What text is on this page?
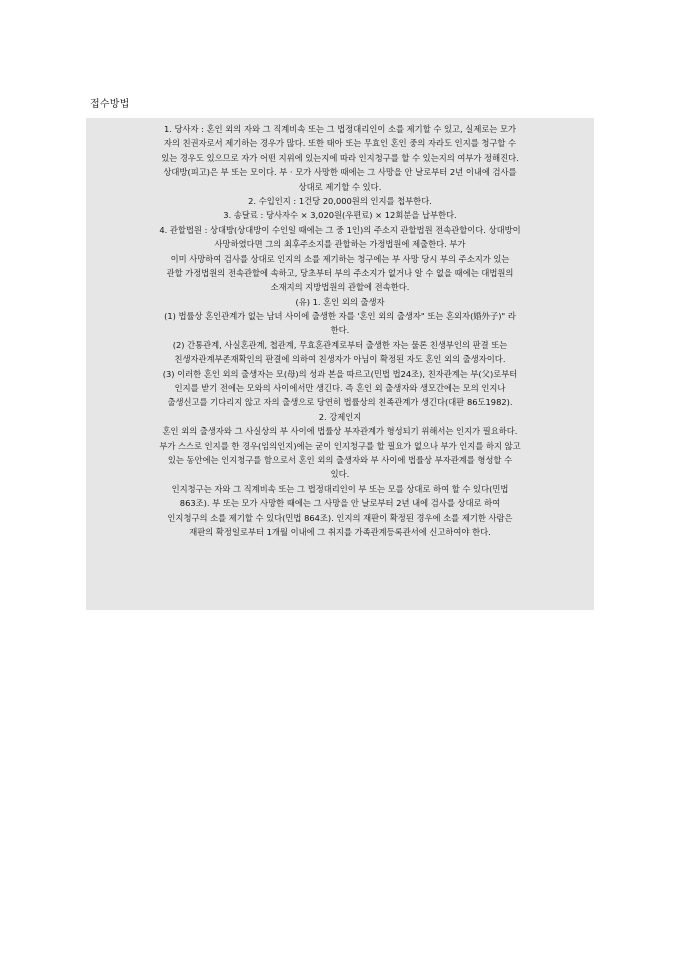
접수방법
1. 당사자 : 혼인 외의 자와 그 직계비속 또는 그 법정대리인이 소를 제기할 수 있고, 실제로는 모가
자의 친권자로서 제기하는 경우가 많다. 또한 태아 또는 무효인 혼인 중의 자라도 인지를 청구할 수
있는 경우도 있으므로 자가 어떤 지위에 있는지에 따라 인지청구를 할 수 있는지의 여부가 정해진다.
상대방(피고)은 부 또는 모이다. 부 · 모가 사망한 때에는 그 사망을 안 날로부터 2년 이내에 검사를
상대로 제기할 수 있다.
2. 수입인지 : 1건당 20,000원의 인지를 첩부한다.
3. 송달료 : 당사자수 × 3,020원(우편료) × 12회분을 납부한다.
4. 관할법원 : 상대방(상대방이 수인일 때에는 그 중 1인)의 주소지 관할법원 전속관할이다. 상대방이
사망하였다면 그의 최후주소지를 관할하는 가정법원에 제출한다. 부가
이미 사망하여 검사를 상대로 인지의 소를 제기하는 청구에는 부 사망 당시 부의 주소지가 있는
관할 가정법원의 전속관할에 속하고, 당초부터 부의 주소지가 없거나 알 수 없을 때에는 대법원의
소재지의 지방법원의 관할에 전속한다.
(유) 1. 혼인 외의 출생자
(1) 법률상 혼인관계가 없는 남녀 사이에 출생한 자를 '혼인 외의 출생자" 또는 혼외자(婚外子)" 라
한다.
(2) 간통관계, 사실혼관계, 첩관계, 무효혼관계로부터 출생한 자는 물론 친생부인의 판결 또는
친생자관계부존재확인의 판결에 의하여 친생자가 아님이 확정된 자도 혼인 외의 출생자이다.
(3) 이러한 혼인 외의 출생자는 모(母)의 성과 본을 따르고(민법 법24조), 친자관계는 부(父)로부터
인지를 받기 전에는 모와의 사이에서만 생긴다. 즉 혼인 외 출생자와 생모간에는 모의 인지나
출생신고를 기다리지 않고 자의 출생으로 당연히 법률상의 친족관계가 생긴다(대판 86도1982).
2. 강제인지
혼인 외의 출생자와 그 사실상의 부 사이에 법률상 부자관계가 형성되기 위해서는 인지가 필요하다.
부가 스스로 인지를 한 경우(임의인지)에는 굳이 인지청구를 할 필요가 없으나 부가 인지를 하지 않고
있는 동안에는 인지청구를 함으로서 혼인 외의 출생자와 부 사이에 법률상 부자관계를 형성할 수
있다.
인지청구는 자와 그 직계비속 또는 그 법정대리인이 부 또는 모를 상대로 하여 할 수 있다(민법
863조). 부 또는 모가 사망한 때에는 그 사망을 안 날로부터 2년 내에 검사를 상대로 하여
인지청구의 소를 제기할 수 있다(민법 864조). 인지의 재판이 확정된 경우에 소를 제기한 사람은
재판의 확정일로부터 1개월 이내에 그 취지를 가족관계등록관서에 신고하여야 한다.
